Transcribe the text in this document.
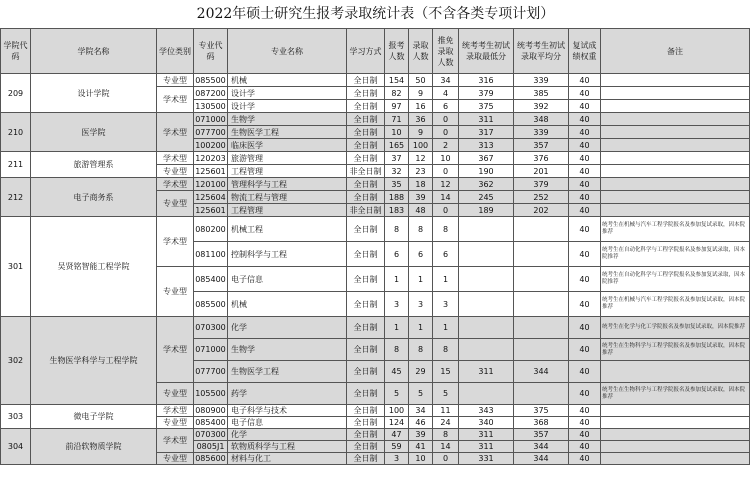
2022年硕士研究生报考录取统计表（不含各类专项计划）
学院代码	学院名称	学位类别	专业代码	专业名称	学习方式	报考人数	录取人数	推免录取人数	统考考生初试录取最低分	统考考生初试录取平均分	复试成绩权重	备注
209	设计学院	专业型	085500	机械	全日制	154	50	34	316	339	40	
		学术型	087200	设计学	全日制	82	9	4	379	385	40	
			130500	设计学	全日制	97	16	6	375	392	40	
210	医学院	学术型	071000	生物学	全日制	71	36	0	311	348	40	
			077700	生物医学工程	全日制	10	9	0	317	339	40	
			100200	临床医学	全日制	165	100	2	313	357	40	
211	旅游管理系	学术型	120203	旅游管理	全日制	37	12	10	367	376	40	
		专业型	125601	工程管理	非全日制	32	23	0	190	201	40	
212	电子商务系	学术型	120100	管理科学与工程	全日制	35	18	12	362	379	40	
		专业型	125604	物流工程与管理	全日制	188	39	14	245	252	40	
			125601	工程管理	非全日制	183	48	0	189	202	40	
301	吴贤铭智能工程学院	学术型	080200	机械工程	全日制	8	8	8			40	统考生在机械与汽车工程学院报名及参加复试录取，因本院推荐
			081100	控制科学与工程	全日制	6	6	6			40	统考生在自动化科学与工程学院报名及参加复试录取，因本院推荐
		专业型	085400	电子信息	全日制	1	1	1			40	统考生在自动化科学与工程学院报名及参加复试录取，因本院推荐
			085500	机械	全日制	3	3	3			40	统考生在机械与汽车工程学院报名及参加复试录取，因本院推荐
302	生物医学科学与工程学院	学术型	070300	化学	全日制	1	1	1			40	统考生在化学与化工学院报名及参加复试录取，因本院推荐
			071000	生物学	全日制	8	8	8			40	统考生在生物科学与工程学院报名及参加复试录取，因本院推荐
			077700	生物医学工程	全日制	45	29	15	311	344	40	
		专业型	105500	药学	全日制	5	5	5			40	统考生在生物科学与工程学院报名及参加复试录取，因本院推荐
303	微电子学院	学术型	080900	电子科学与技术	全日制	100	34	11	343	375	40	
		专业型	085400	电子信息	全日制	124	46	24	340	368	40	
304	前沿软物质学院	学术型	070300	化学	全日制	47	39	8	311	357	40	
			0805J1	软物质科学与工程	全日制	59	41	14	311	344	40	
		专业型	085600	材料与化工	全日制	3	10	0	331	344	40	
